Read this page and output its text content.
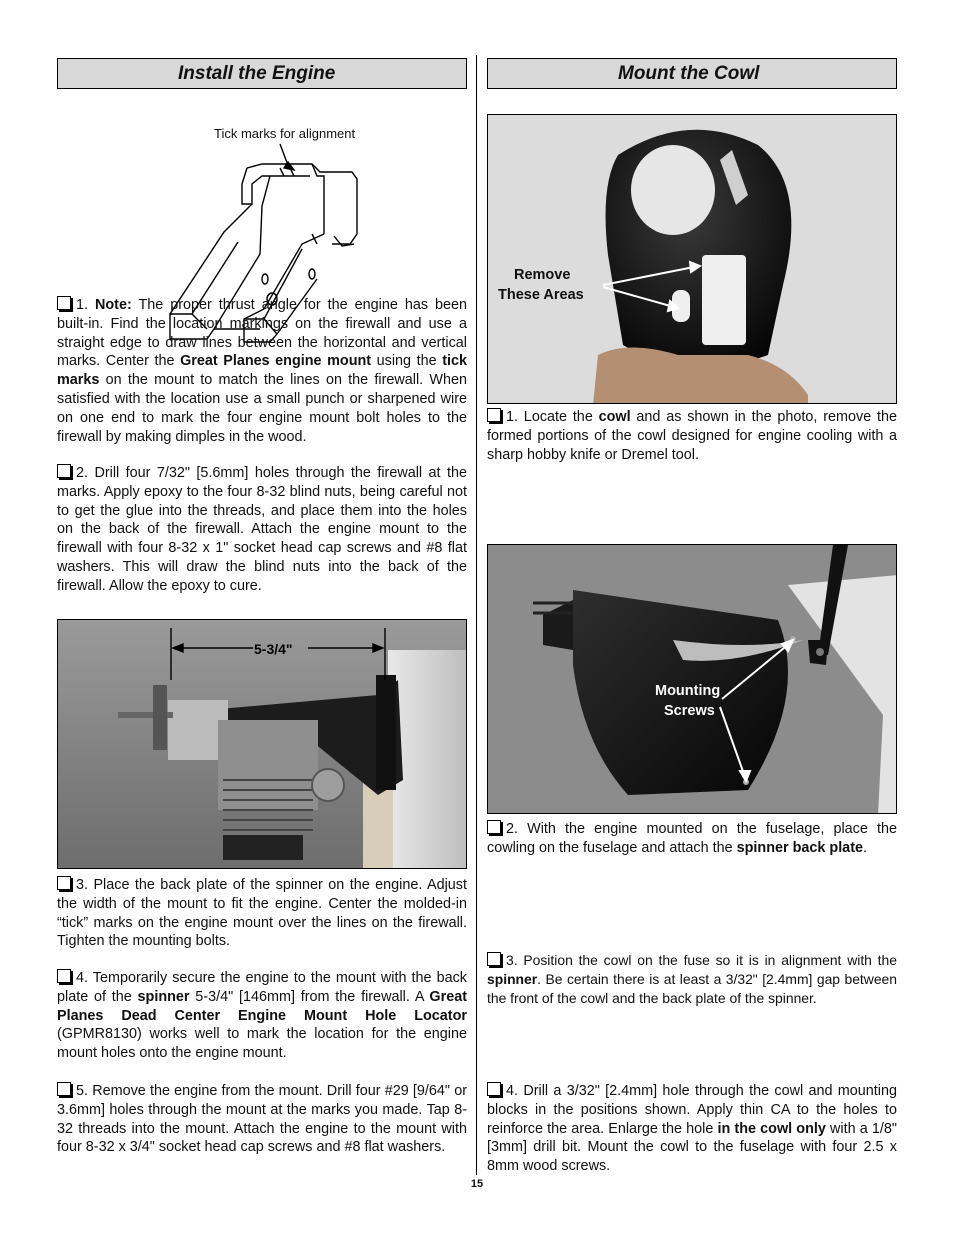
Install the Engine
Tick marks for alignment

1. Note: The proper thrust angle for the engine has been built-in. Find the location markings on the firewall and use a straight edge to draw lines between the horizontal and vertical marks. Center the Great Planes engine mount using the tick marks on the mount to match the lines on the firewall. When satisfied with the location use a small punch or sharpened wire on one end to mark the four engine mount bolt holes to the firewall by making dimples in the wood.

2. Drill four 7/32" [5.6mm] holes through the firewall at the marks. Apply epoxy to the four 8-32 blind nuts, being careful not to get the glue into the threads, and place them into the holes on the back of the firewall. Attach the engine mount to the firewall with four 8-32 x 1" socket head cap screws and #8 flat washers. This will draw the blind nuts into the back of the firewall. Allow the epoxy to cure.

5-3/4"

3. Place the back plate of the spinner on the engine. Adjust the width of the mount to fit the engine. Center the molded-in “tick” marks on the engine mount over the lines on the firewall. Tighten the mounting bolts.

4. Temporarily secure the engine to the mount with the back plate of the spinner 5-3/4" [146mm] from the firewall. A Great Planes Dead Center Engine Mount Hole Locator (GPMR8130) works well to mark the location for the engine mount holes onto the engine mount.

5. Remove the engine from the mount. Drill four #29 [9/64" or 3.6mm] holes through the mount at the marks you made. Tap 8-32 threads into the mount. Attach the engine to the mount with four 8-32 x 3/4" socket head cap screws and #8 flat washers.

Mount the Cowl
Remove
These Areas

1. Locate the cowl and as shown in the photo, remove the formed portions of the cowl designed for engine cooling with a sharp hobby knife or Dremel tool.

Mounting
Screws

2. With the engine mounted on the fuselage, place the cowling on the fuselage and attach the spinner back plate.

3. Position the cowl on the fuse so it is in alignment with the spinner. Be certain there is at least a 3/32" [2.4mm] gap between the front of the cowl and the back plate of the spinner.

4. Drill a 3/32" [2.4mm] hole through the cowl and mounting blocks in the positions shown. Apply thin CA to the holes to reinforce the area. Enlarge the hole in the cowl only with a 1/8" [3mm] drill bit. Mount the cowl to the fuselage with four 2.5 x 8mm wood screws.

15
